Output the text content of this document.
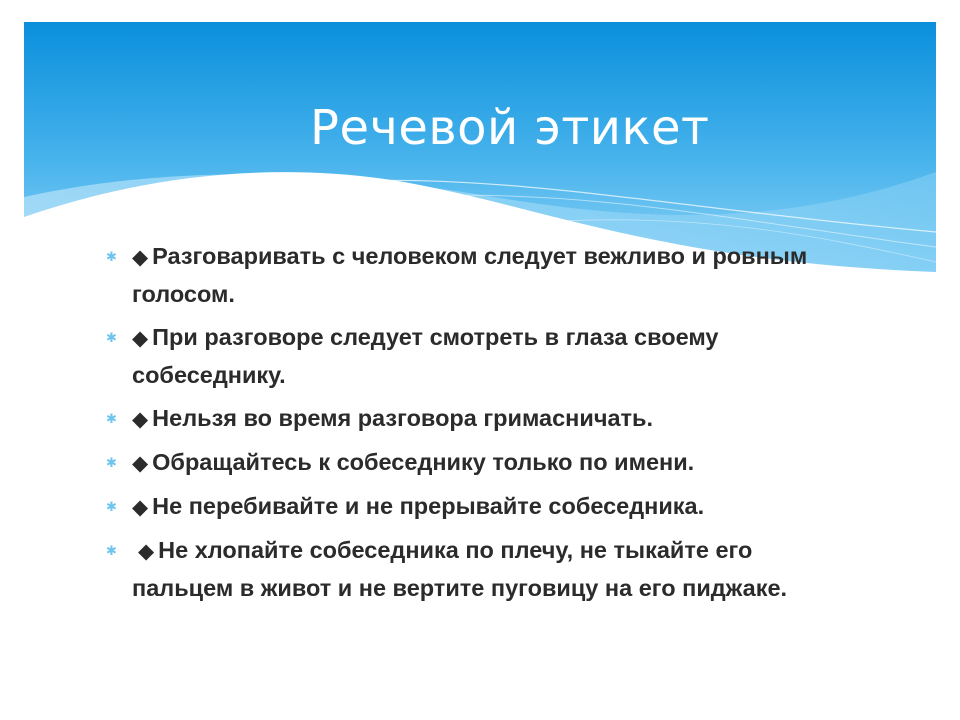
Речевой этикет
✱ ◆ Разговаривать с человеком следует вежливо и ровным голосом.
✱ ◆ При разговоре следует смотреть в глаза своему собеседнику.
✱ ◆ Нельзя во время разговора гримасничать.
✱ ◆ Обращайтесь к собеседнику только по имени.
✱ ◆ Не перебивайте и не прерывайте собеседника.
✱ ◆ Не хлопайте собеседника по плечу, не тыкайте его пальцем в живот и не вертите пуговицу на его пиджаке.
